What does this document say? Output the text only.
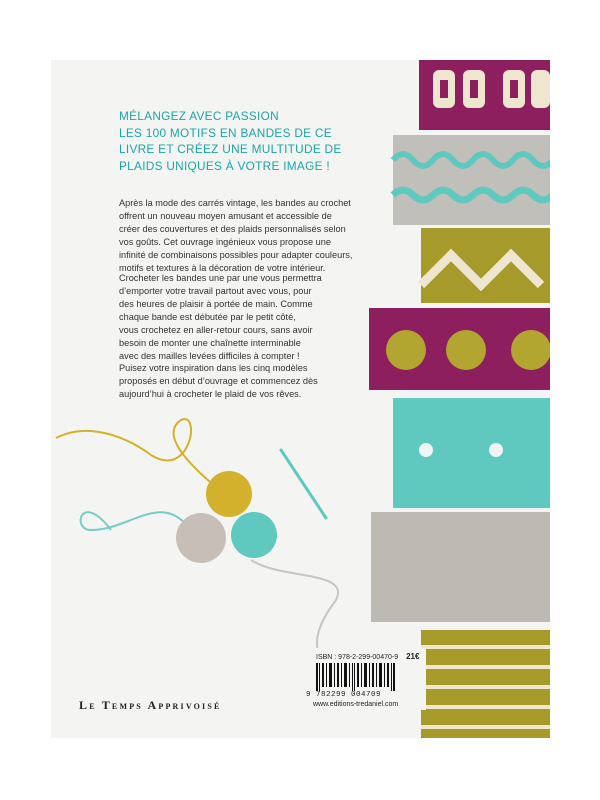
MÉLANGEZ AVEC PASSION
LES 100 MOTIFS EN BANDES DE CE
LIVRE ET CRÉEZ UNE MULTITUDE DE
PLAIDS UNIQUES À VOTRE IMAGE !
Après la mode des carrés vintage, les bandes au crochet
offrent un nouveau moyen amusant et accessible de
créer des couvertures et des plaids personnalisés selon
vos goûts. Cet ouvrage ingénieux vous propose une
infinité de combinaisons possibles pour adapter couleurs,
motifs et textures à la décoration de votre intérieur.
Crocheter les bandes une par une vous permettra
d’emporter votre travail partout avec vous, pour
des heures de plaisir à portée de main. Comme
chaque bande est débutée par le petit côté,
vous crochetez en aller-retour cours, sans avoir
besoin de monter une chaînette interminable
avec des mailles levées difficiles à compter !
Puisez votre inspiration dans les cinq modèles
proposés en début d’ouvrage et commencez dès
aujourd’hui à crocheter le plaid de vos rêves.
ISBN : 978-2-299-00470-9 21€
9 782299 004709
www.editions-tredaniel.com
Le Temps Apprivoisé
